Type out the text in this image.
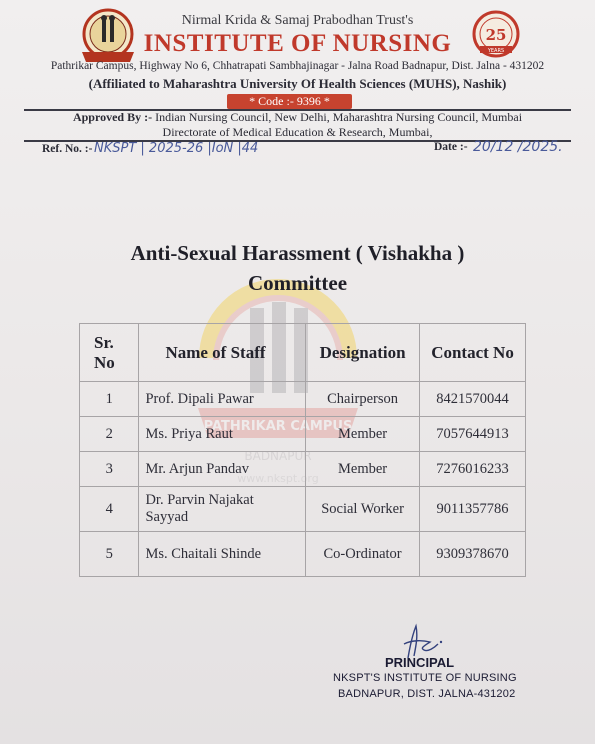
25
YEARS
Nirmal Krida & Samaj Prabodhan Trust's
INSTITUTE OF NURSING
Pathrikar Campus, Highway No 6, Chhatrapati Sambhajinagar - Jalna Road Badnapur, Dist. Jalna - 431202
(Affiliated to Maharashtra University Of Health Sciences (MUHS), Nashik)
* Code :- 9396 *
Approved By :- Indian Nursing Council, New Delhi, Maharashtra Nursing Council, Mumbai
Directorate of Medical Education & Research, Mumbai,
Ref. No. :- NKSPT | 2025-26 |IoN |44	Date :- 20/12 /2025.
PATHRIKAR CAMPUS
BADNAPUR
www.nkspt.org
Anti-Sexual Harassment ( Vishakha )
Committee
Sr. No	Name of Staff	Designation	Contact No
1	Prof. Dipali Pawar	Chairperson	8421570044
2	Ms. Priya Raut	Member	7057644913
3	Mr. Arjun Pandav	Member	7276016233
4	Dr. Parvin Najakat Sayyad	Social Worker	9011357786
5	Ms. Chaitali Shinde	Co-Ordinator	9309378670
PRINCIPAL
NKSPT'S INSTITUTE OF NURSING
BADNAPUR, DIST. JALNA-431202
